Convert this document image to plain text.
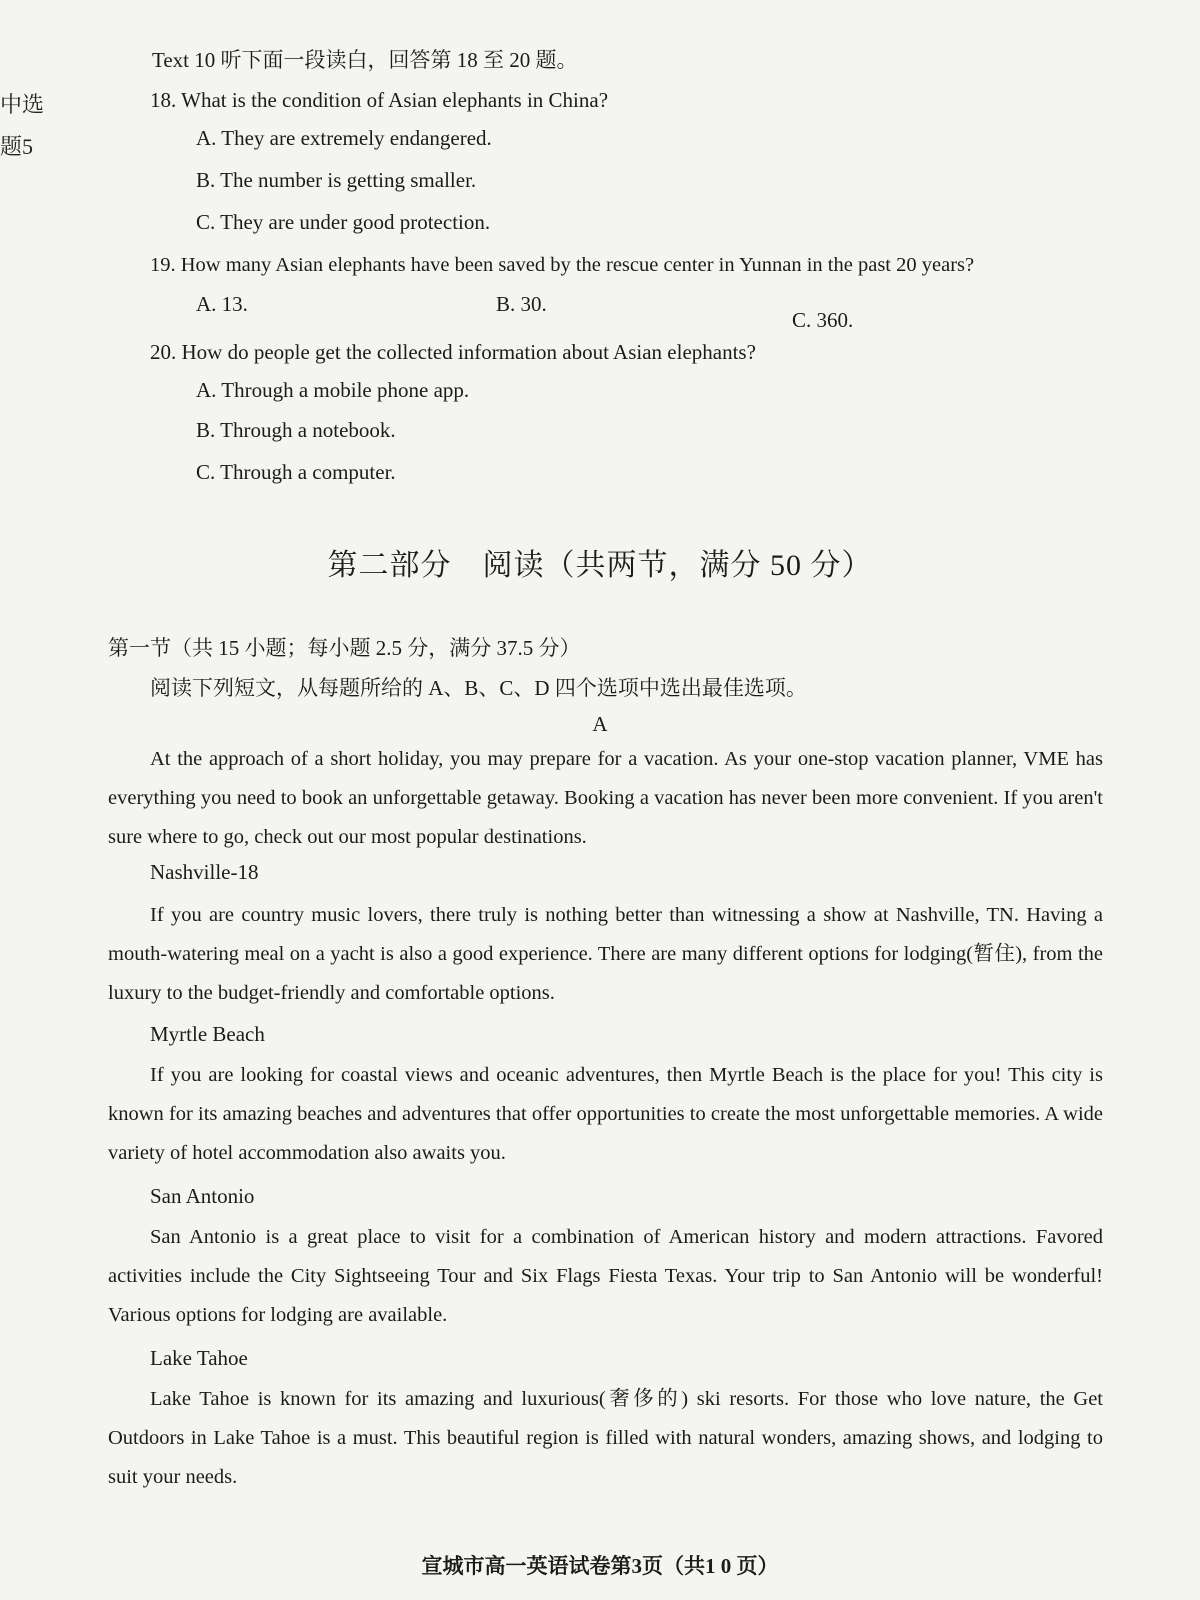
中选
题5
Text 10 听下面一段读白，回答第 18 至 20 题。
18. What is the condition of Asian elephants in China?
A. They are extremely endangered.
B. The number is getting smaller.
C. They are under good protection.
19. How many Asian elephants have been saved by the rescue center in Yunnan in the past 20 years?
A. 13.	B. 30.
C. 360.
20. How do people get the collected information about Asian elephants?
A. Through a mobile phone app.
B. Through a notebook.
C. Through a computer.
第二部分　阅读（共两节，满分 50 分）
第一节（共 15 小题；每小题 2.5 分，满分 37.5 分）
阅读下列短文，从每题所给的 A、B、C、D 四个选项中选出最佳选项。
A

At the approach of a short holiday, you may prepare for a vacation. As your one-stop vacation planner, VME has everything you need to book an unforgettable getaway. Booking a vacation has never been more convenient. If you aren't sure where to go, check out our most popular destinations.

Nashville-18

If you are country music lovers, there truly is nothing better than witnessing a show at Nashville, TN. Having a mouth-watering meal on a yacht is also a good experience. There are many different options for lodging(暂住), from the luxury to the budget-friendly and comfortable options.

Myrtle Beach

If you are looking for coastal views and oceanic adventures, then Myrtle Beach is the place for you! This city is known for its amazing beaches and adventures that offer opportunities to create the most unforgettable memories. A wide variety of hotel accommodation also awaits you.

San Antonio

San Antonio is a great place to visit for a combination of American history and modern attractions. Favored activities include the City Sightseeing Tour and Six Flags Fiesta Texas. Your trip to San Antonio will be wonderful! Various options for lodging are available.

Lake Tahoe

Lake Tahoe is known for its amazing and luxurious(奢侈的) ski resorts. For those who love nature, the Get Outdoors in Lake Tahoe is a must. This beautiful region is filled with natural wonders, amazing shows, and lodging to suit your needs.

宣城市高一英语试卷第3页（共1 0 页）
